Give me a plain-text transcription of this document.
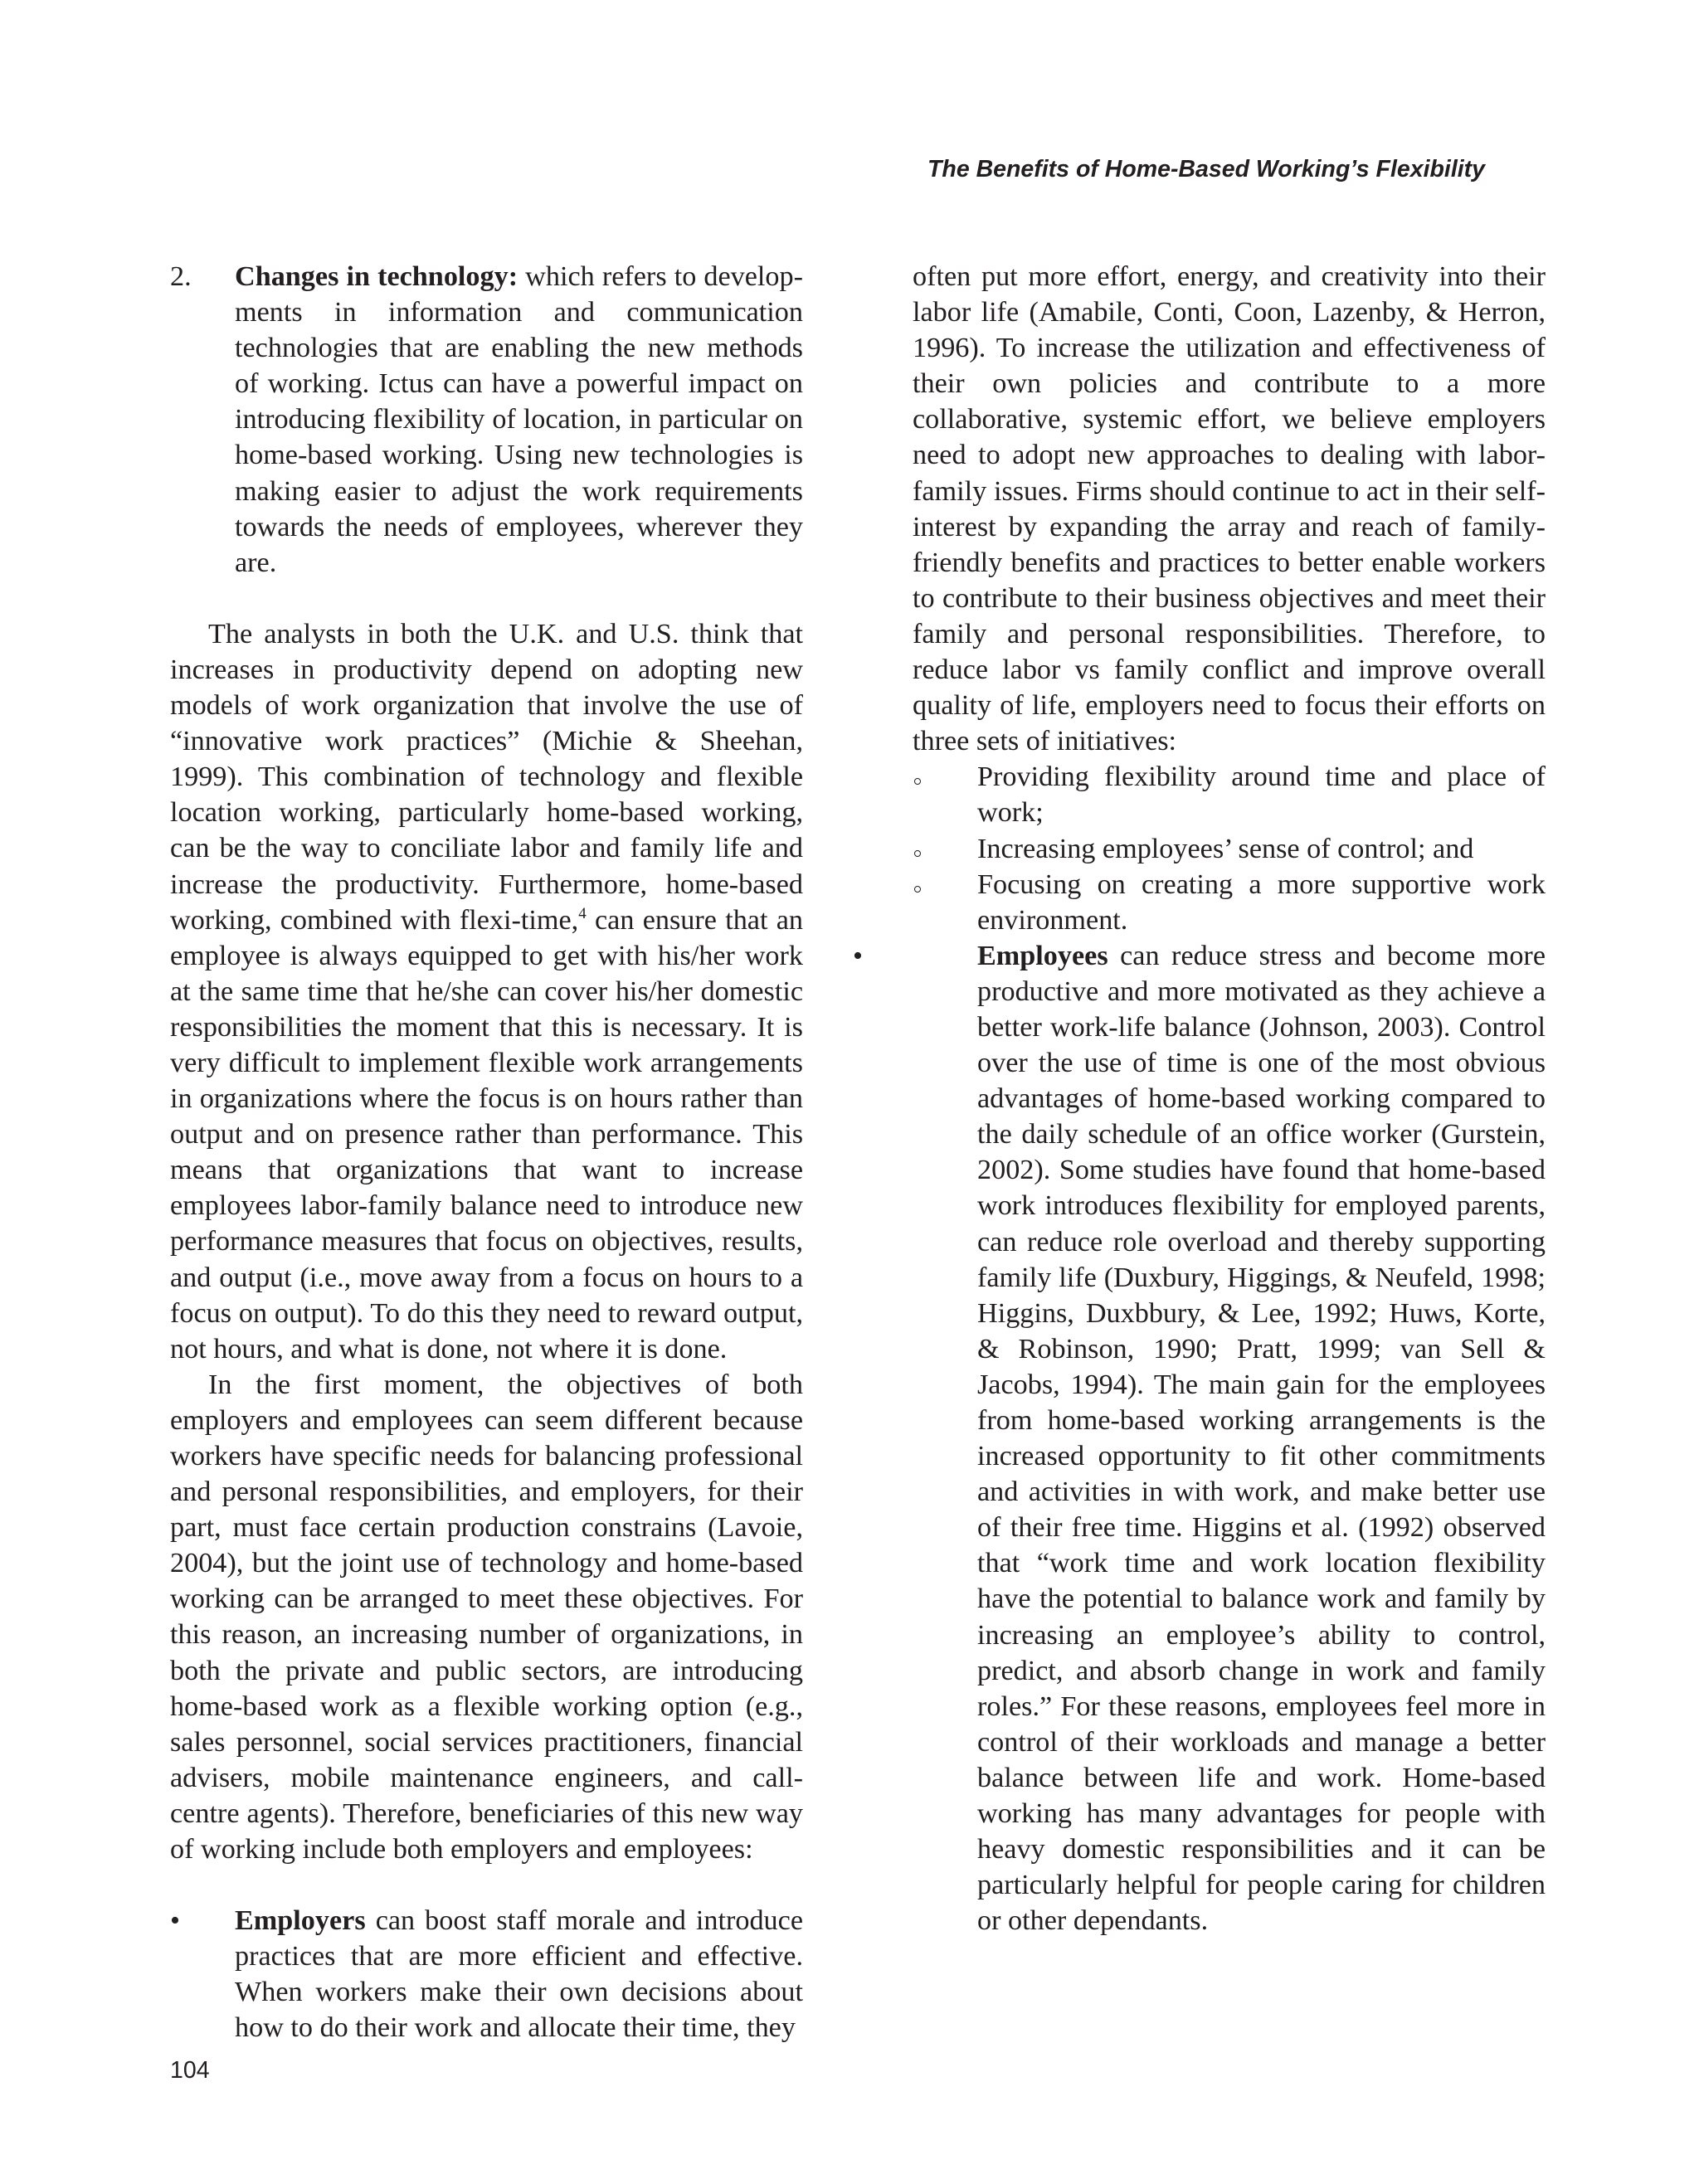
The Benefits of Home-Based Working’s Flexibility

2. Changes in technology: which refers to developments in information and communication technologies that are enabling the new methods of working. Ictus can have a powerful impact on introducing flexibility of location, in particular on home-based working. Using new technologies is making easier to adjust the work requirements towards the needs of employees, wherever they are.

The analysts in both the U.K. and U.S. think that increases in productivity depend on adopting new models of work organization that involve the use of “innovative work practices” (Michie & Sheehan, 1999). This combination of technology and flexible location working, particularly home-based working, can be the way to conciliate labor and family life and increase the productivity. Furthermore, home-based working, combined with flexi-time,$^4$ can ensure that an employee is always equipped to get with his/her work at the same time that he/she can cover his/her domestic responsibilities the moment that this is necessary. It is very difficult to implement flexible work arrangements in organizations where the focus is on hours rather than output and on presence rather than performance. This means that organizations that want to increase employees labor-family balance need to introduce new performance measures that focus on objectives, results, and output (i.e., move away from a focus on hours to a focus on output). To do this they need to reward output, not hours, and what is done, not where it is done.

In the first moment, the objectives of both employers and employees can seem different because workers have specific needs for balancing professional and personal responsibilities, and employers, for their part, must face certain production constrains (Lavoie, 2004), but the joint use of technology and home-based working can be arranged to meet these objectives. For this reason, an increasing number of organizations, in both the private and public sectors, are introducing home-based work as a flexible working option (e.g., sales personnel, social services practitioners, financial advisers, mobile maintenance engineers, and call-centre agents). Therefore, beneficiaries of this new way of working include both employers and employees:

• Employers can boost staff morale and introduce practices that are more efficient and effective. When workers make their own decisions about how to do their work and allocate their time, they

often put more effort, energy, and creativity into their labor life (Amabile, Conti, Coon, Lazenby, & Herron, 1996). To increase the utilization and effectiveness of their own policies and contribute to a more collaborative, systemic effort, we believe employers need to adopt new approaches to dealing with labor-family issues. Firms should continue to act in their self-interest by expanding the array and reach of family-friendly benefits and practices to better enable workers to contribute to their business objectives and meet their family and personal responsibilities. Therefore, to reduce labor vs family conflict and improve overall quality of life, employers need to focus their efforts on three sets of initiatives:

Providing flexibility around time and place of work;

Increasing employees’ sense of control; and

Focusing on creating a more supportive work environment.

•	Employees can reduce stress and become more productive and more motivated as they achieve a better work-life balance (Johnson, 2003). Control over the use of time is one of the most obvious advantages of home-based working compared to the daily schedule of an office worker (Gurstein, 2002). Some studies have found that home-based work introduces flexibility for employed parents, can reduce role overload and thereby supporting family life (Duxbury, Higgings, & Neufeld, 1998; Higgins, Duxbbury, & Lee, 1992; Huws, Korte, & Robinson, 1990; Pratt, 1999; van Sell & Jacobs, 1994). The main gain for the employees from home-based working arrangements is the increased opportunity to fit other commitments and activities in with work, and make better use of their free time. Higgins et al. (1992) observed that “work time and work location flexibility have the potential to balance work and family by increasing an employee’s ability to control, predict, and absorb change in work and family roles.” For these reasons, employees feel more in control of their workloads and manage a better balance between life and work. Home-based working has many advantages for people with heavy domestic responsibilities and it can be particularly helpful for people caring for children or other dependants.

104
